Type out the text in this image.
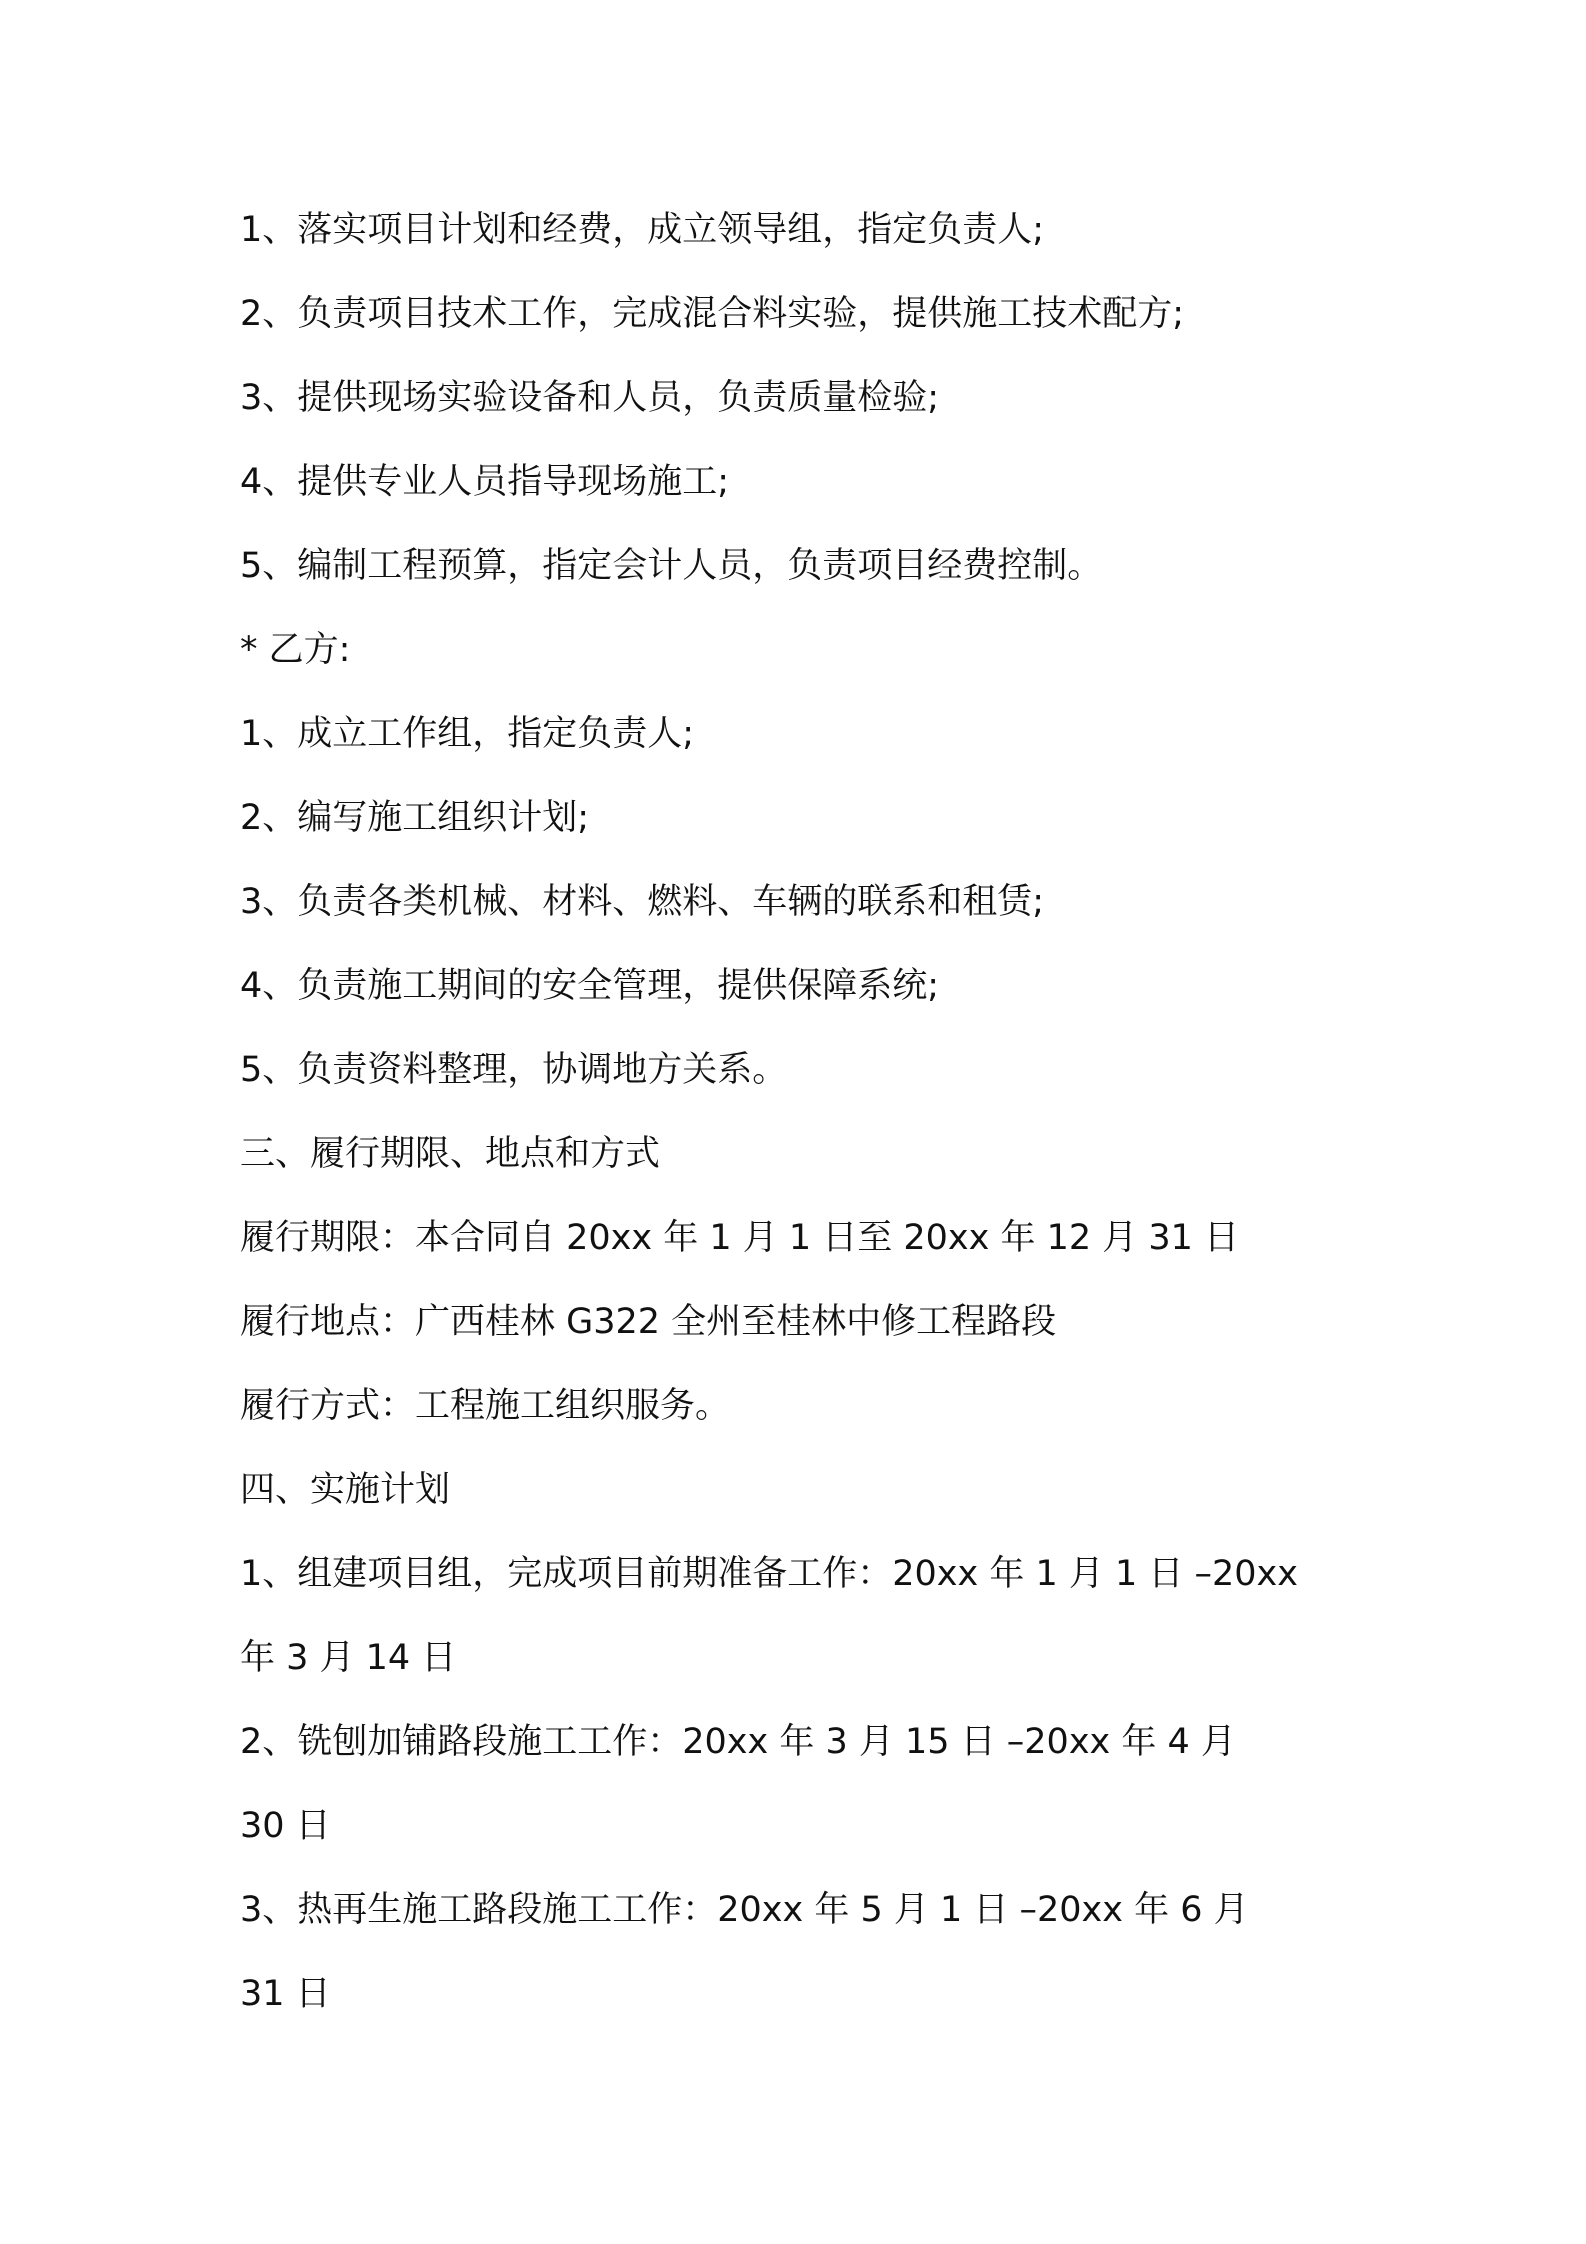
1、落实项目计划和经费，成立领导组，指定负责人;
2、负责项目技术工作，完成混合料实验，提供施工技术配方;
3、提供现场实验设备和人员，负责质量检验;
4、提供专业人员指导现场施工;
5、编制工程预算，指定会计人员，负责项目经费控制。
* 乙方:
1、成立工作组，指定负责人;
2、编写施工组织计划;
3、负责各类机械、材料、燃料、车辆的联系和租赁;
4、负责施工期间的安全管理，提供保障系统;
5、负责资料整理，协调地方关系。
三、履行期限、地点和方式
履行期限：本合同自 20xx 年 1 月 1 日至 20xx 年 12 月 31 日
履行地点：广西桂林 G322 全州至桂林中修工程路段
履行方式：工程施工组织服务。
四、实施计划
1、组建项目组，完成项目前期准备工作：20xx 年 1 月 1 日 –20xx
年 3 月 14 日
2、铣刨加铺路段施工工作：20xx 年 3 月 15 日 –20xx 年 4 月
30 日
3、热再生施工路段施工工作：20xx 年 5 月 1 日 –20xx 年 6 月
31 日
